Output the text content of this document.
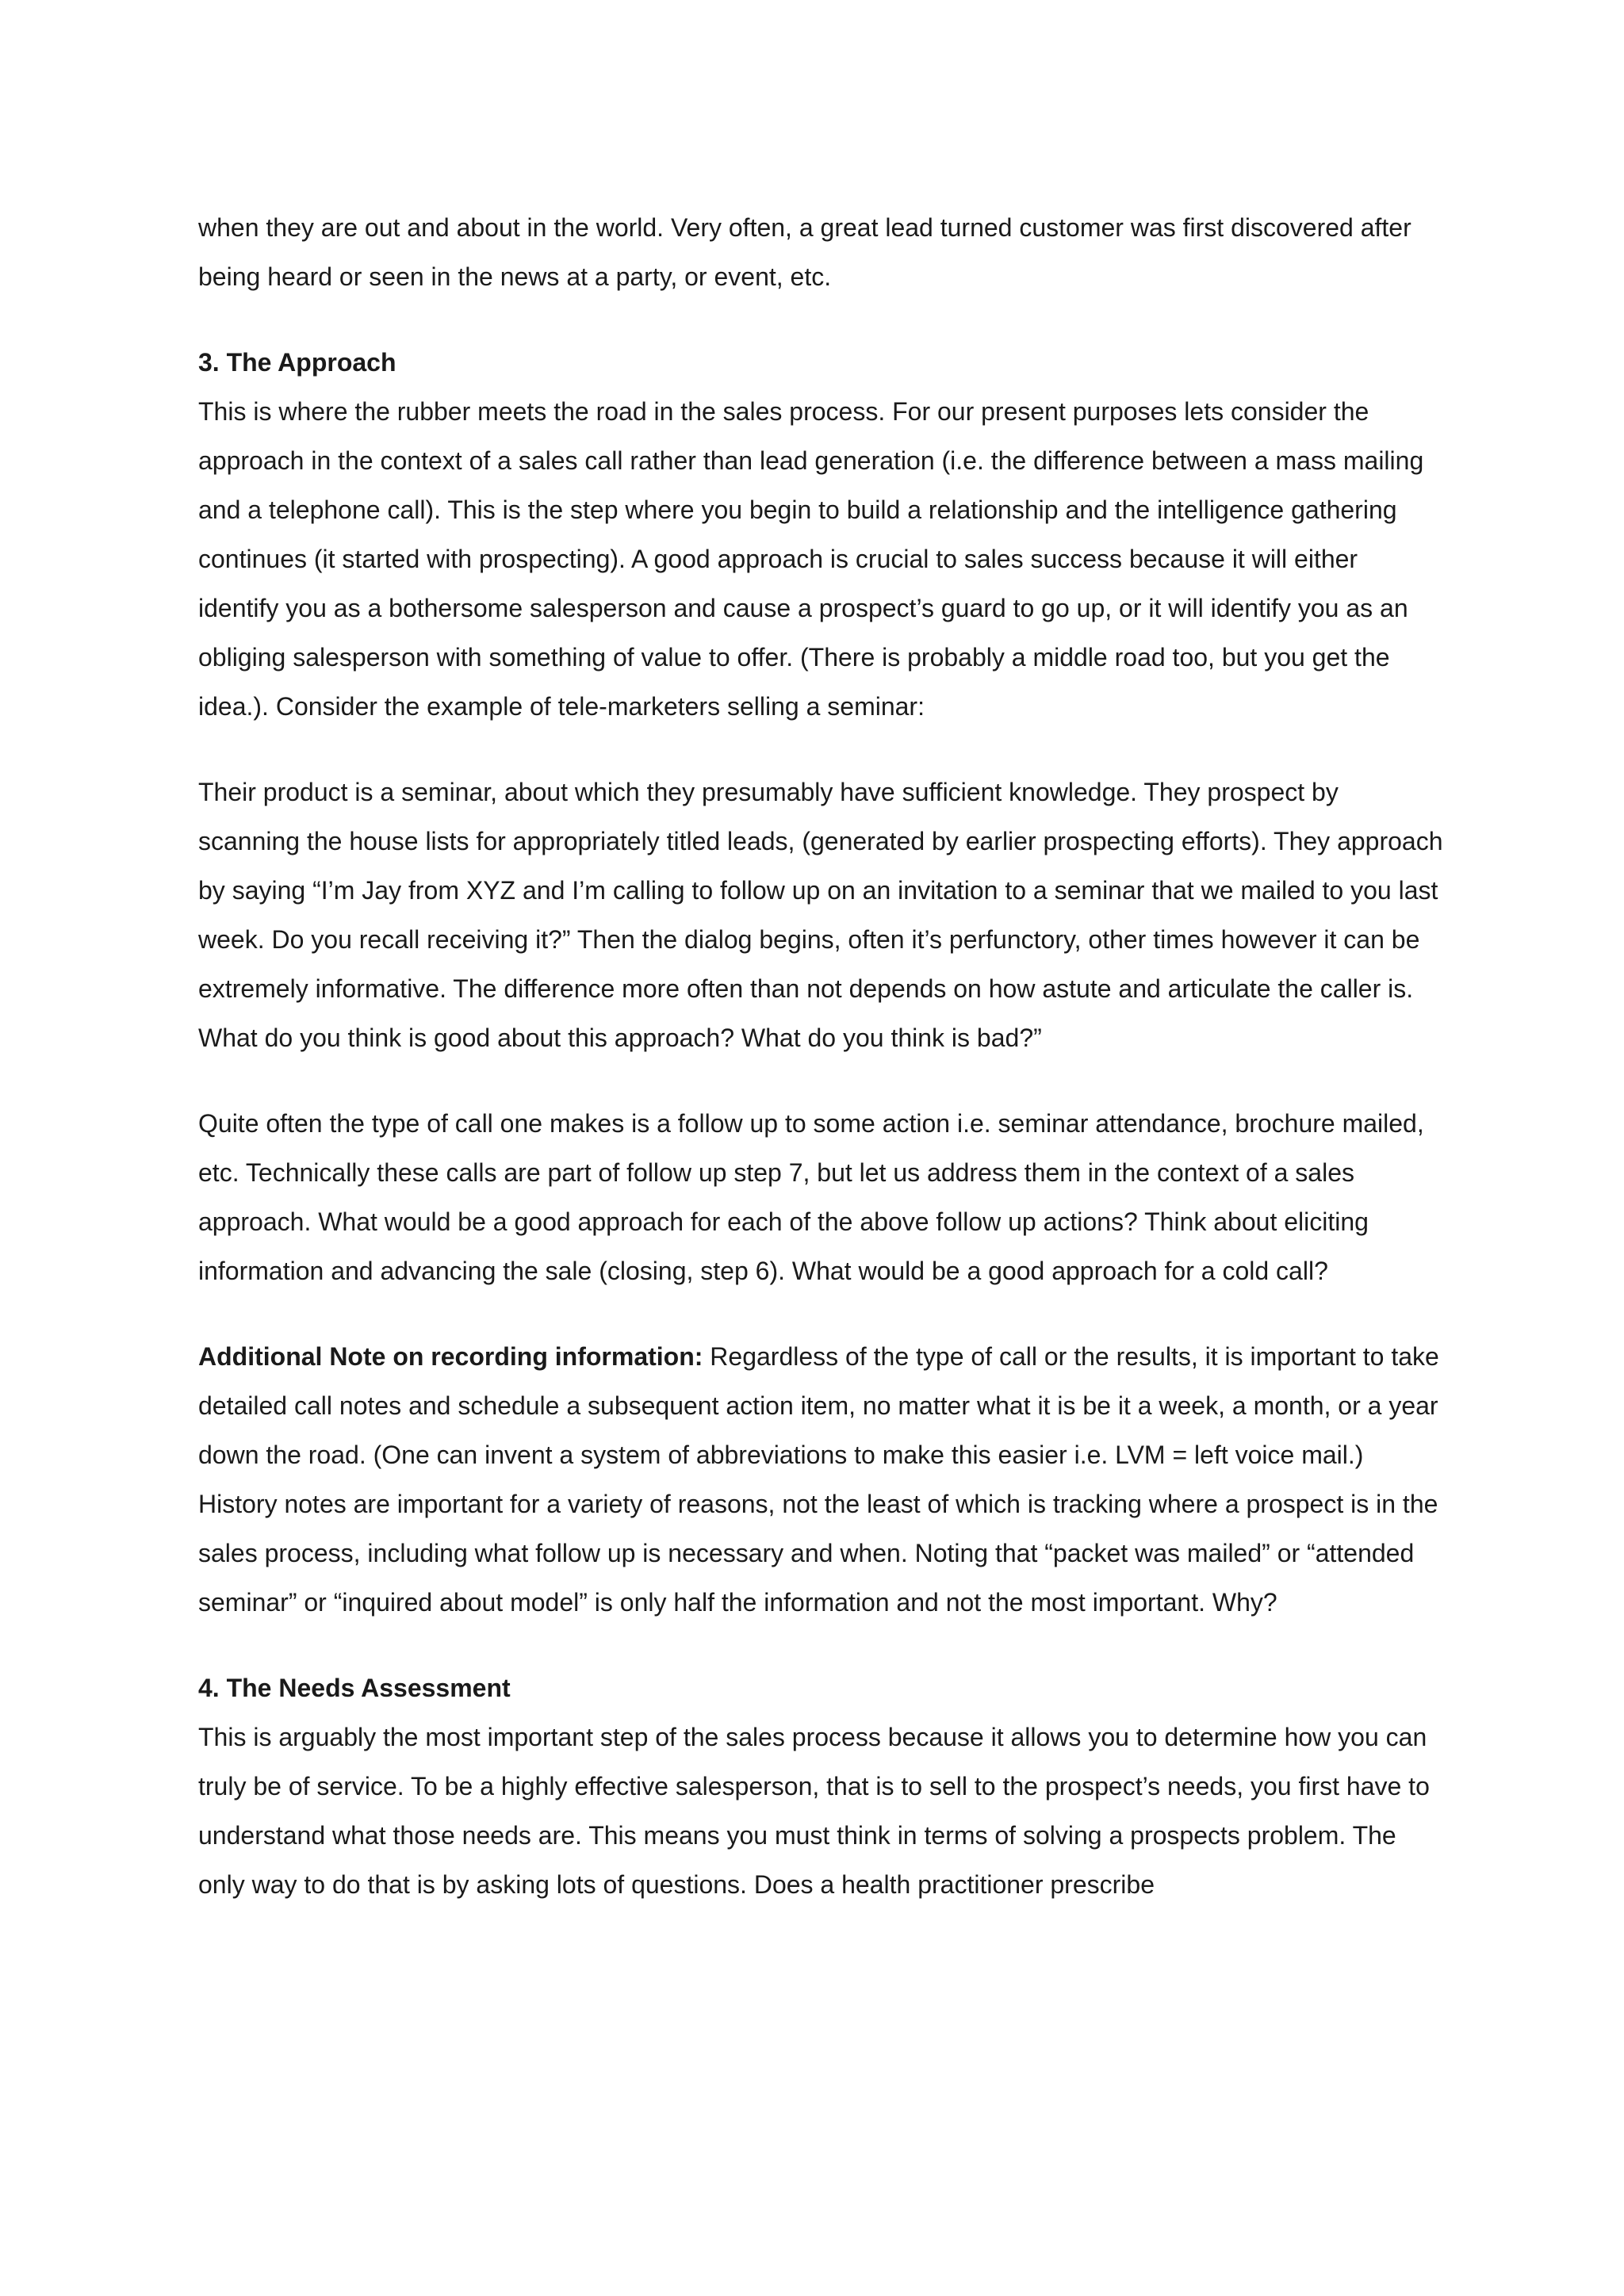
when they are out and about in the world. Very often, a great lead turned customer was first discovered after being heard or seen in the news at a party, or event, etc.

3. The Approach

This is where the rubber meets the road in the sales process. For our present purposes lets consider the approach in the context of a sales call rather than lead generation (i.e. the difference between a mass mailing and a telephone call). This is the step where you begin to build a relationship and the intelligence gathering continues (it started with prospecting). A good approach is crucial to sales success because it will either identify you as a bothersome salesperson and cause a prospect’s guard to go up, or it will identify you as an obliging salesperson with something of value to offer. (There is probably a middle road too, but you get the idea.). Consider the example of tele-marketers selling a seminar:

Their product is a seminar, about which they presumably have sufficient knowledge. They prospect by scanning the house lists for appropriately titled leads, (generated by earlier prospecting efforts). They approach by saying “I’m Jay from XYZ and I’m calling to follow up on an invitation to a seminar that we mailed to you last week. Do you recall receiving it?” Then the dialog begins, often it’s perfunctory, other times however it can be extremely informative. The difference more often than not depends on how astute and articulate the caller is. What do you think is good about this approach? What do you think is bad?”

Quite often the type of call one makes is a follow up to some action i.e. seminar attendance, brochure mailed, etc. Technically these calls are part of follow up step 7, but let us address them in the context of a sales approach. What would be a good approach for each of the above follow up actions? Think about eliciting information and advancing the sale (closing, step 6). What would be a good approach for a cold call?

Additional Note on recording information: Regardless of the type of call or the results, it is important to take detailed call notes and schedule a subsequent action item, no matter what it is be it a week, a month, or a year down the road. (One can invent a system of abbreviations to make this easier i.e. LVM = left voice mail.) History notes are important for a variety of reasons, not the least of which is tracking where a prospect is in the sales process, including what follow up is necessary and when. Noting that “packet was mailed” or “attended seminar” or “inquired about model” is only half the information and not the most important. Why?

4. The Needs Assessment

This is arguably the most important step of the sales process because it allows you to determine how you can truly be of service. To be a highly effective salesperson, that is to sell to the prospect’s needs, you first have to understand what those needs are. This means you must think in terms of solving a prospects problem. The only way to do that is by asking lots of questions. Does a health practitioner prescribe
